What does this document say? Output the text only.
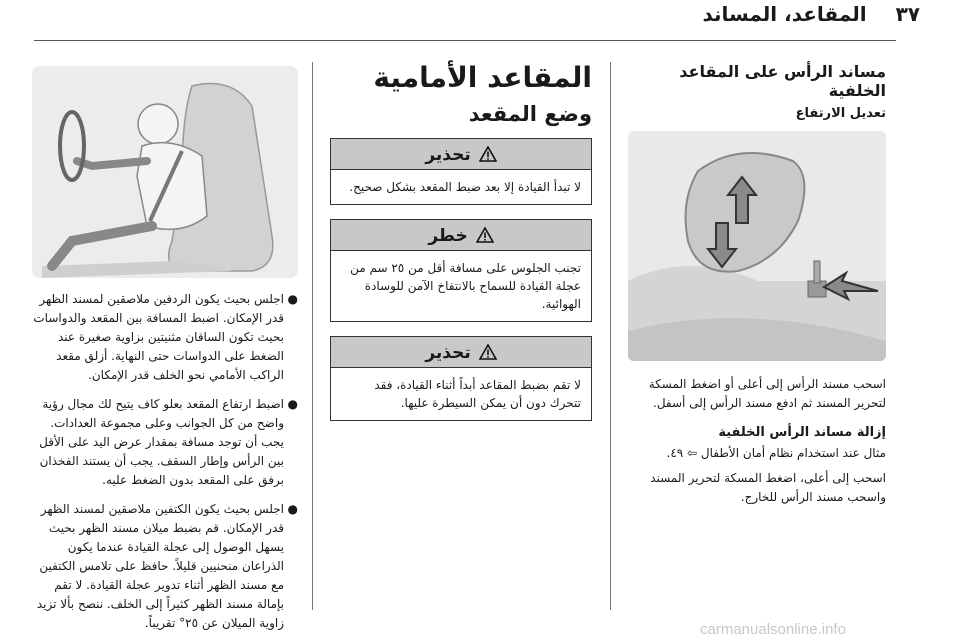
٣٧ المقاعد، المساند
مساند الرأس على المقاعد الخلفية
تعديل الارتفاع

اسحب مسند الرأس إلى أعلى أو اضغط المسكة لتحرير المسند ثم ادفع مسند الرأس إلى أسفل.

إزالة مساند الرأس الخلفية

مثال عند استخدام نظام أمان الأطفال ⇦ ٤٩.

اسحب إلى أعلى، اضغط المسكة لتحرير المسند واسحب مسند الرأس للخارج.

المقاعد الأمامية
وضع المقعد
تحذير
لا تبدأ القيادة إلا بعد ضبط المقعد بشكل صحيح.
خطر
تجنب الجلوس على مسافة أقل من ٢٥ سم من عجلة القيادة للسماح بالانتفاخ الآمن للوسادة الهوائية.
تحذير
لا تقم بضبط المقاعد أبداً أثناء القيادة، فقد تتحرك دون أن يمكن السيطرة عليها.
●
اجلس بحيث يكون الردفين ملاصقين لمسند الظهر قدر الإمكان. اضبط المسافة بين المقعد والدواسات بحيث تكون الساقان مثنيتين بزاوية صغيرة عند الضغط على الدواسات حتى النهاية. أزلق مقعد الراكب الأمامي نحو الخلف قدر الإمكان.
●
اضبط ارتفاع المقعد بعلو كاف يتيح لك مجال رؤية واضح من كل الجوانب وعلى مجموعة العدادات. يجب أن توجد مسافة بمقدار عرض اليد على الأقل بين الرأس وإطار السقف. يجب أن يستند الفخذان برفق على المقعد بدون الضغط عليه.
●
اجلس بحيث يكون الكتفين ملاصقين لمسند الظهر قدر الإمكان. قم بضبط ميلان مسند الظهر بحيث يسهل الوصول إلى عجلة القيادة عندما يكون الذراعان منحنيين قليلاً. حافظ على تلامس الكتفين مع مسند الظهر أثناء تدوير عجلة القيادة. لا تقم بإمالة مسند الظهر كثيراً إلى الخلف. ننصح بألا تزيد زاوية الميلان عن ٢٥° تقريباً.	carmanualsonline.info
